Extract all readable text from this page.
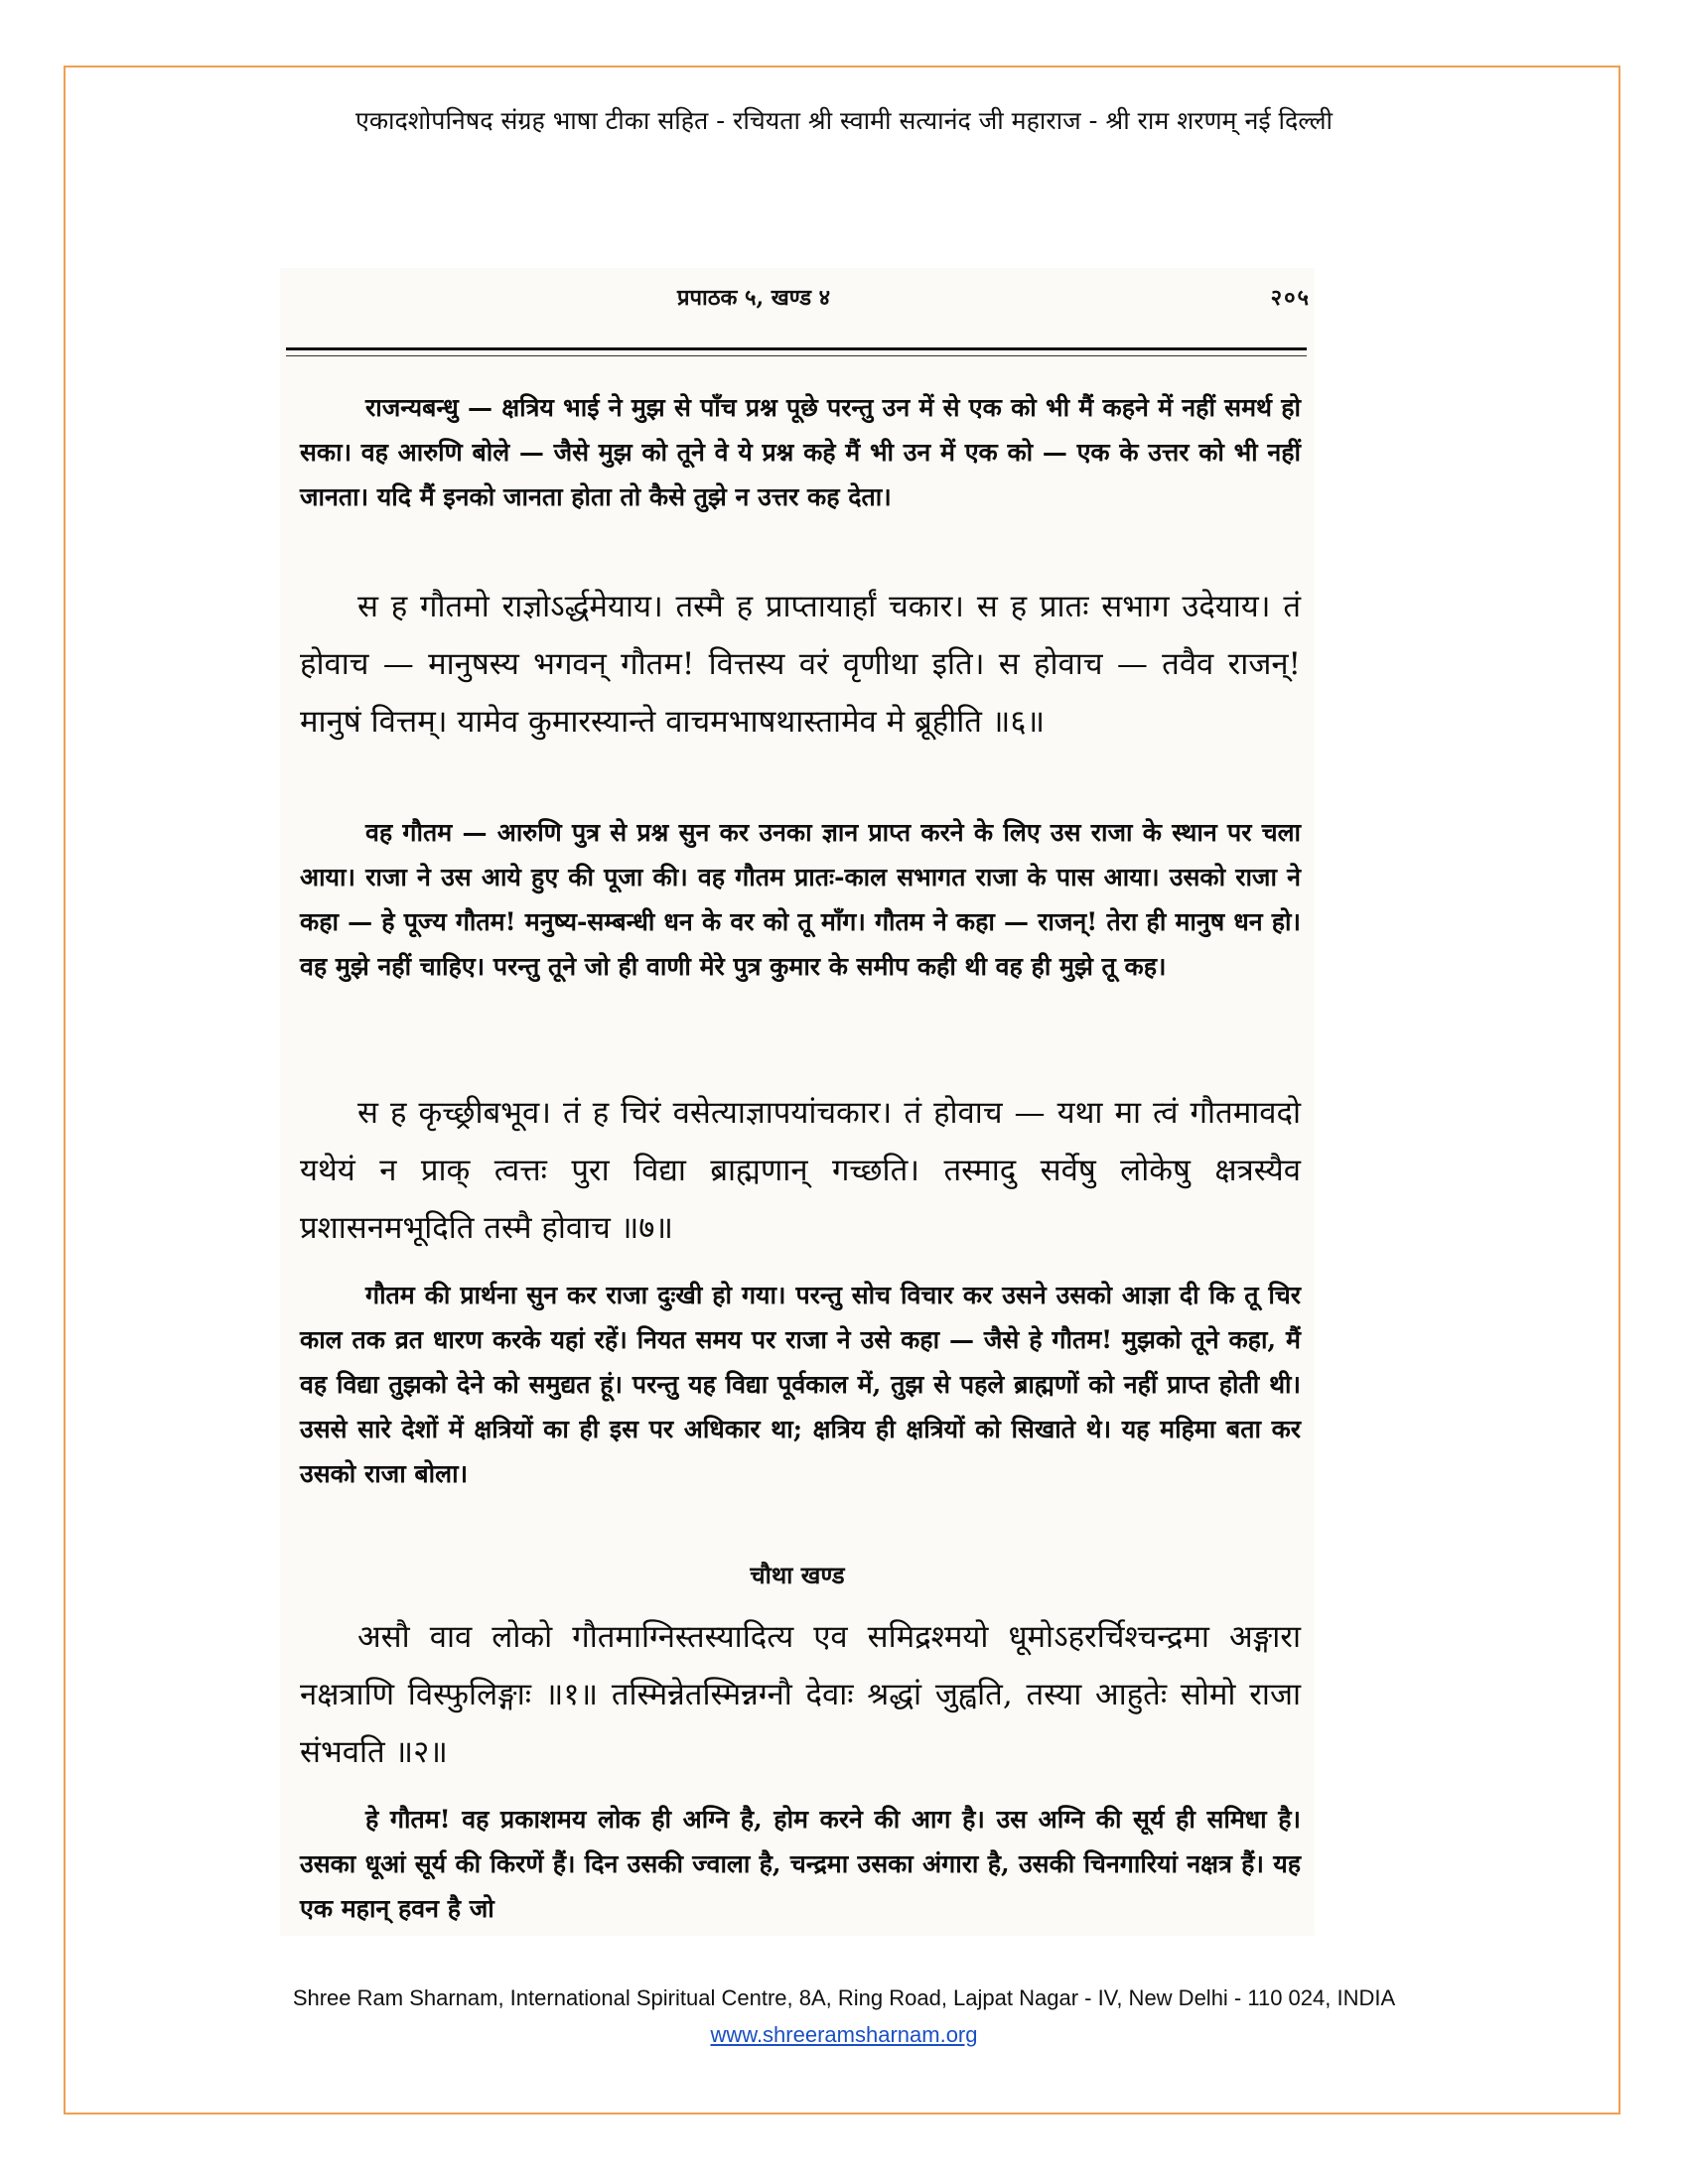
एकादशोपनिषद संग्रह भाषा टीका सहित - रचियता श्री स्वामी सत्यानंद जी महाराज - श्री राम शरणम् नई दिल्ली
प्रपाठक ५, खण्ड ४	२०५

राजन्यबन्धु — क्षत्रिय भाई ने मुझ से पाँच प्रश्न पूछे परन्तु उन में से एक को भी मैं कहने में नहीं समर्थ हो सका। वह आरुणि बोले — जैसे मुझ को तूने वे ये प्रश्न कहे मैं भी उन में एक को — एक के उत्तर को भी नहीं जानता। यदि मैं इनको जानता होता तो कैसे तुझे न उत्तर कह देता।

स ह गौतमो राज्ञोऽर्द्धमेयाय। तस्मै ह प्राप्तायार्हां चकार। स ह प्रातः सभाग उदेयाय। तं होवाच — मानुषस्य भगवन् गौतम! वित्तस्य वरं वृणीथा इति। स होवाच — तवैव राजन्! मानुषं वित्तम्। यामेव कुमारस्यान्ते वाचमभाषथास्तामेव मे ब्रूहीति ॥६॥

वह गौतम — आरुणि पुत्र से प्रश्न सुन कर उनका ज्ञान प्राप्त करने के लिए उस राजा के स्थान पर चला आया। राजा ने उस आये हुए की पूजा की। वह गौतम प्रातः-काल सभागत राजा के पास आया। उसको राजा ने कहा — हे पूज्य गौतम! मनुष्य-सम्बन्धी धन के वर को तू माँग। गौतम ने कहा — राजन्! तेरा ही मानुष धन हो। वह मुझे नहीं चाहिए। परन्तु तूने जो ही वाणी मेरे पुत्र कुमार के समीप कही थी वह ही मुझे तू कह।

स ह कृच्छ्रीबभूव। तं ह चिरं वसेत्याज्ञापयांचकार। तं होवाच — यथा मा त्वं गौतमावदो यथेयं न प्राक् त्वत्तः पुरा विद्या ब्राह्मणान् गच्छति। तस्मादु सर्वेषु लोकेषु क्षत्रस्यैव प्रशासनमभूदिति तस्मै होवाच ॥७॥

गौतम की प्रार्थना सुन कर राजा दुःखी हो गया। परन्तु सोच विचार कर उसने उसको आज्ञा दी कि तू चिर काल तक व्रत धारण करके यहां रहें। नियत समय पर राजा ने उसे कहा — जैसे हे गौतम! मुझको तूने कहा, मैं वह विद्या तुझको देने को समुद्यत हूं। परन्तु यह विद्या पूर्वकाल में, तुझ से पहले ब्राह्मणों को नहीं प्राप्त होती थी। उससे सारे देशों में क्षत्रियों का ही इस पर अधिकार था; क्षत्रिय ही क्षत्रियों को सिखाते थे। यह महिमा बता कर उसको राजा बोला।

चौथा खण्ड

असौ वाव लोको गौतमाग्निस्तस्यादित्य एव समिद्रश्मयो धूमोऽहरर्चिश्चन्द्रमा अङ्गारा नक्षत्राणि विस्फुलिङ्गाः ॥१॥ तस्मिन्नेतस्मिन्नग्नौ देवाः श्रद्धां जुह्वति, तस्या आहुतेः सोमो राजा संभवति ॥२॥

हे गौतम! वह प्रकाशमय लोक ही अग्नि है, होम करने की आग है। उस अग्नि की सूर्य ही समिधा है। उसका धूआं सूर्य की किरणें हैं। दिन उसकी ज्वाला है, चन्द्रमा उसका अंगारा है, उसकी चिनगारियां नक्षत्र हैं। यह एक महान् हवन है जो

Shree Ram Sharnam, International Spiritual Centre, 8A, Ring Road, Lajpat Nagar - IV, New Delhi - 110 024, INDIA
www.shreeramsharnam.org
